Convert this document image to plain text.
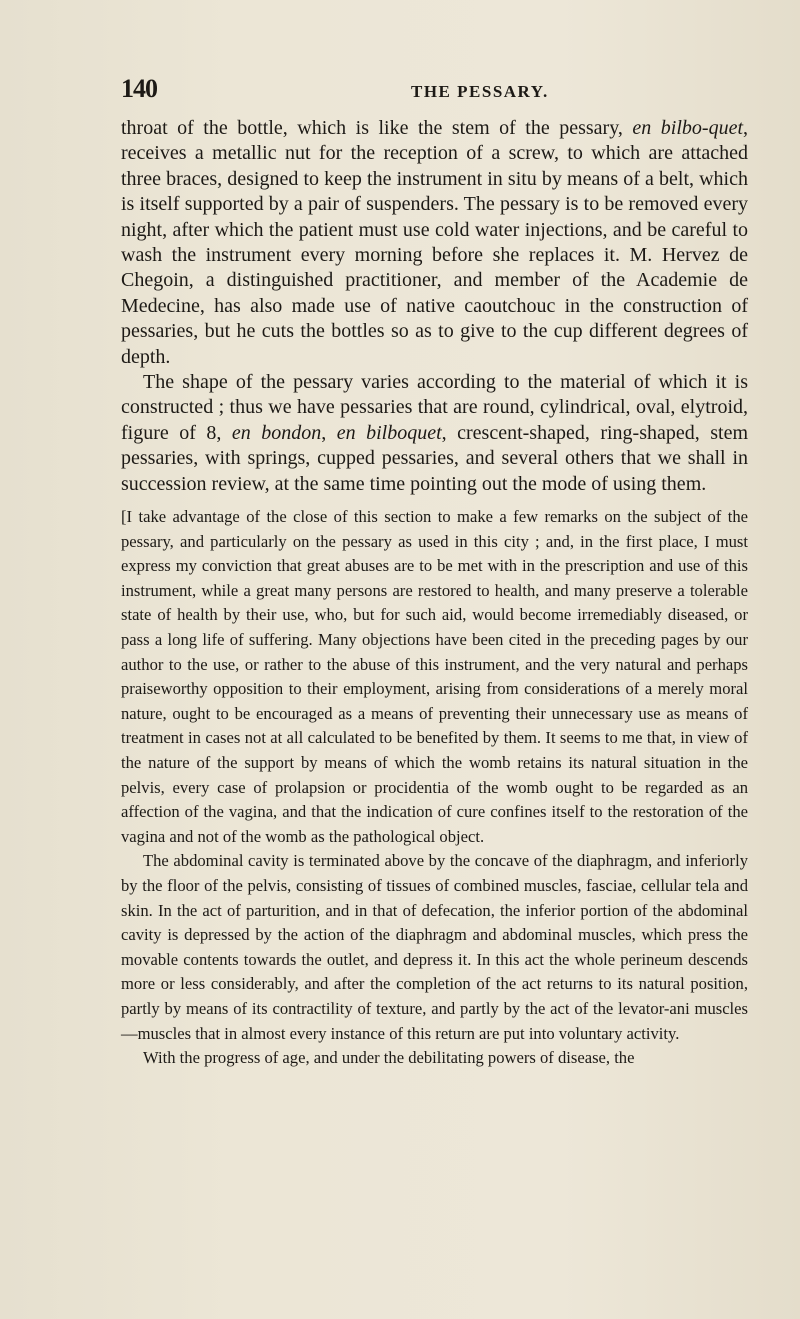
140	THE PESSARY.

throat of the bottle, which is like the stem of the pessary, en bilbo-quet, receives a metallic nut for the reception of a screw, to which are attached three braces, designed to keep the instrument in situ by means of a belt, which is itself supported by a pair of suspenders. The pessary is to be removed every night, after which the patient must use cold water injections, and be careful to wash the instrument every morning before she replaces it. M. Hervez de Chegoin, a distinguished practitioner, and member of the Academie de Medecine, has also made use of native caoutchouc in the construction of pessaries, but he cuts the bottles so as to give to the cup different degrees of depth.

The shape of the pessary varies according to the material of which it is constructed ; thus we have pessaries that are round, cylindrical, oval, elytroid, figure of 8, en bondon, en bilboquet, crescent-shaped, ring-shaped, stem pessaries, with springs, cupped pessaries, and several others that we shall in succession review, at the same time pointing out the mode of using them.

[I take advantage of the close of this section to make a few remarks on the subject of the pessary, and particularly on the pessary as used in this city ; and, in the first place, I must express my conviction that great abuses are to be met with in the prescription and use of this instrument, while a great many persons are restored to health, and many preserve a tolerable state of health by their use, who, but for such aid, would become irremediably diseased, or pass a long life of suffering. Many objections have been cited in the preceding pages by our author to the use, or rather to the abuse of this instrument, and the very natural and perhaps praiseworthy opposition to their employment, arising from considerations of a merely moral nature, ought to be encouraged as a means of preventing their unnecessary use as means of treatment in cases not at all calculated to be benefited by them. It seems to me that, in view of the nature of the support by means of which the womb retains its natural situation in the pelvis, every case of prolapsion or procidentia of the womb ought to be regarded as an affection of the vagina, and that the indication of cure confines itself to the restoration of the vagina and not of the womb as the pathological object.

The abdominal cavity is terminated above by the concave of the diaphragm, and inferiorly by the floor of the pelvis, consisting of tissues of combined muscles, fasciae, cellular tela and skin. In the act of parturition, and in that of defecation, the inferior portion of the abdominal cavity is depressed by the action of the diaphragm and abdominal muscles, which press the movable contents towards the outlet, and depress it. In this act the whole perineum descends more or less considerably, and after the completion of the act returns to its natural position, partly by means of its contractility of texture, and partly by the act of the levator-ani muscles—muscles that in almost every instance of this return are put into voluntary activity.

With the progress of age, and under the debilitating powers of disease, the
